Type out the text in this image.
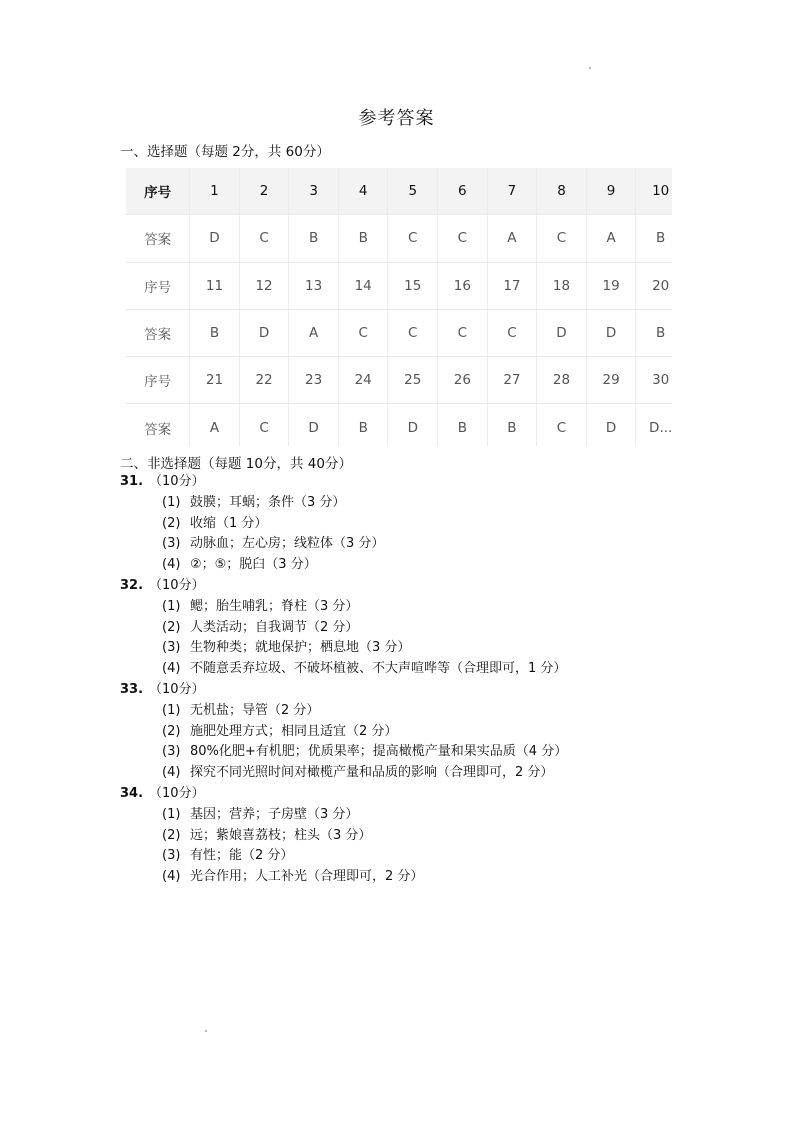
参考答案
一、选择题（每题 2分，共 60分）
序号	1	2	3	4	5	6	7	8	9	10
答案	D	C	B	B	C	C	A	C	A	B
序号	11	12	13	14	15	16	17	18	19	20
答案	B	D	A	C	C	C	C	D	D	B
序号	21	22	23	24	25	26	27	28	29	30
答案	A	C	D	B	D	B	B	C	D	D...
二、非选择题（每题 10分，共 40分）
31. （10分）
(1) 鼓膜；耳蜗；条件（3 分）
(2) 收缩（1 分）
(3) 动脉血；左心房；线粒体（3 分）
(4) ②；⑤；脱臼（3 分）
32. （10分）
(1) 鳃；胎生哺乳；脊柱（3 分）
(2) 人类活动；自我调节（2 分）
(3) 生物种类；就地保护；栖息地（3 分）
(4) 不随意丢弃垃圾、不破坏植被、不大声喧哗等（合理即可，1 分）
33. （10分）
(1) 无机盐；导管（2 分）
(2) 施肥处理方式；相同且适宜（2 分）
(3) 80%化肥+有机肥；优质果率；提高橄榄产量和果实品质（4 分）
(4) 探究不同光照时间对橄榄产量和品质的影响（合理即可，2 分）
34. （10分）
(1) 基因；营养；子房壁（3 分）
(2) 远；紫娘喜荔枝；柱头（3 分）
(3) 有性；能（2 分）
(4) 光合作用；人工补光（合理即可，2 分）
